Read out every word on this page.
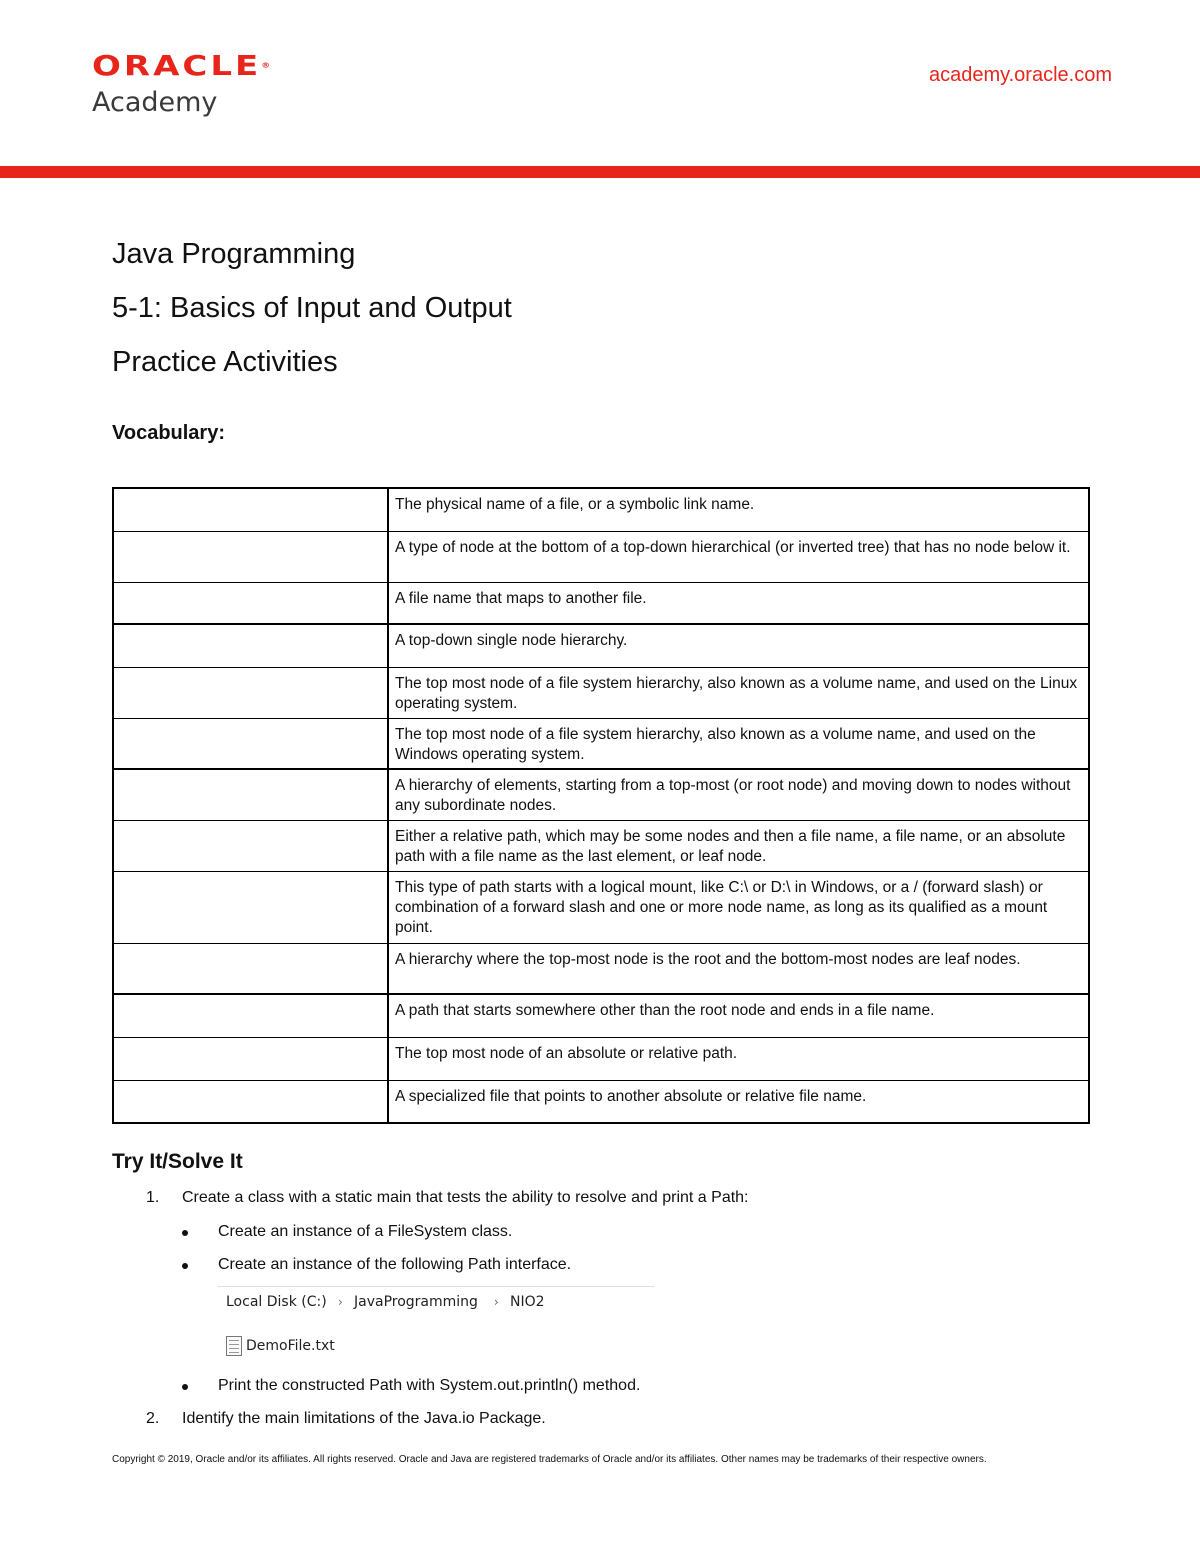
ORACLE®
Academy
academy.oracle.com
Java Programming
5-1: Basics of Input and Output
Practice Activities
Vocabulary:
	The physical name of a file, or a symbolic link name.
	A type of node at the bottom of a top-down hierarchical (or inverted tree) that has no node below it.
	A file name that maps to another file.
	A top-down single node hierarchy.
	The top most node of a file system hierarchy, also known as a volume name, and used on the Linux operating system.
	The top most node of a file system hierarchy, also known as a volume name, and used on the Windows operating system.
	A hierarchy of elements, starting from a top-most (or root node) and moving down to nodes without any subordinate nodes.
	Either a relative path, which may be some nodes and then a file name, a file name, or an absolute path with a file name as the last element, or leaf node.
	This type of path starts with a logical mount, like C:\ or D:\ in Windows, or a / (forward slash) or combination of a forward slash and one or more node name, as long as its qualified as a mount point.
	A hierarchy where the top-most node is the root and the bottom-most nodes are leaf nodes.
	A path that starts somewhere other than the root node and ends in a file name.
	The top most node of an absolute or relative path.
	A specialized file that points to another absolute or relative file name.
Try It/Solve It
1. Create a class with a static main that tests the ability to resolve and print a Path:
Create an instance of a FileSystem class.
Create an instance of the following Path interface.
Local Disk (C:) › JavaProgramming › NIO2
DemoFile.txt
Print the constructed Path with System.out.println() method.
2. Identify the main limitations of the Java.io Package.
Copyright © 2019, Oracle and/or its affiliates. All rights reserved. Oracle and Java are registered trademarks of Oracle and/or its affiliates. Other names may be trademarks of their respective owners.
